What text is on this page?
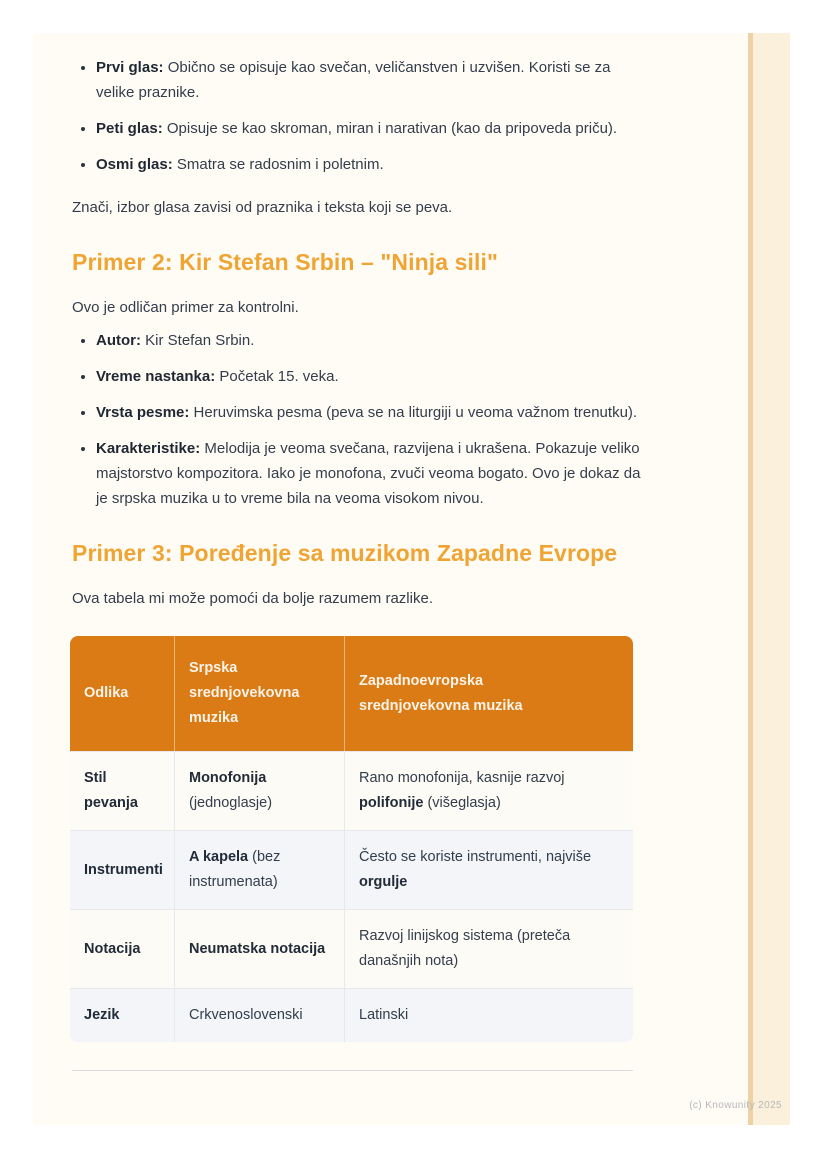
• Prvi glas: Obično se opisuje kao svečan, veličanstven i uzvišen. Koristi se za velike praznike.
• Peti glas: Opisuje se kao skroman, miran i narativan (kao da pripoveda priču).
• Osmi glas: Smatra se radosnim i poletnim.

Znači, izbor glasa zavisi od praznika i teksta koji se peva.

Primer 2: Kir Stefan Srbin – "Ninja sili"

Ovo je odličan primer za kontrolni.

• Autor: Kir Stefan Srbin.
• Vreme nastanka: Početak 15. veka.
• Vrsta pesme: Heruvimska pesma (peva se na liturgiji u veoma važnom trenutku).
• Karakteristike: Melodija je veoma svečana, razvijena i ukrašena. Pokazuje veliko majstorstvo kompozitora. Iako je monofona, zvuči veoma bogato. Ovo je dokaz da je srpska muzika u to vreme bila na veoma visokom nivou.
Primer 3: Poređenje sa muzikom Zapadne Evrope

Ova tabela mi može pomoći da bolje razumem razlike.

Odlika	Srpska srednjovekovna muzika	Zapadnoevropska srednjovekovna muzika
Stil pevanja	Monofonija (jednoglasje)	Rano monofonija, kasnije razvoj polifonije (višeglasja)
Instrumenti	A kapela (bez instrumenata)	Često se koriste instrumenti, najviše orgulje
Notacija	Neumatska notacija	Razvoj linijskog sistema (preteča današnjih nota)
Jezik	Crkvenoslovenski	Latinski
(c) Knowunity 2025
